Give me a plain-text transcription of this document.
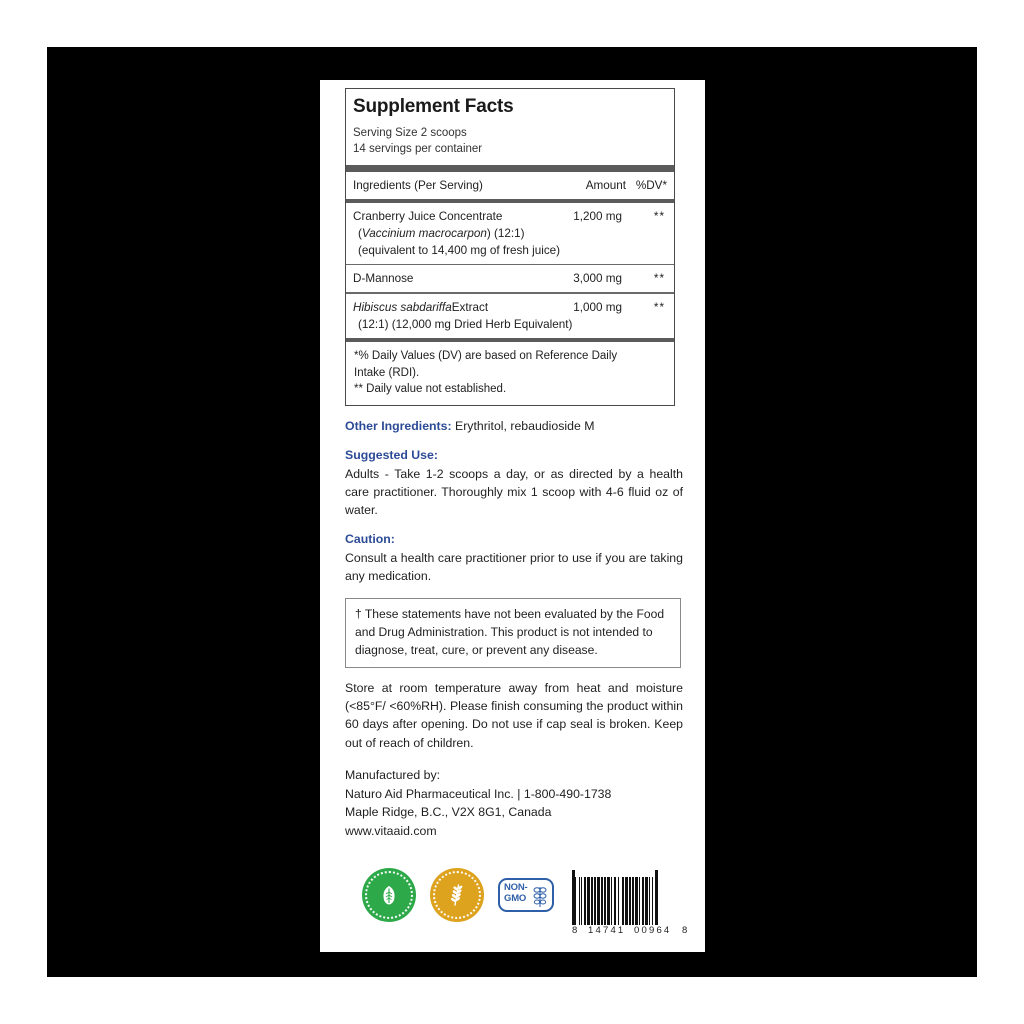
Supplement Facts
Serving Size 2 scoops
14 servings per container
Ingredients (Per Serving)	Amount %DV*
Cranberry Juice Concentrate	1,200 mg	**
(Vaccinium macrocarpon) (12:1)
(equivalent to 14,400 mg of fresh juice)
D-Mannose	3,000 mg	**
Hibiscus sabdariffaExtract	1,000 mg	**
(12:1) (12,000 mg Dried Herb Equivalent)
*% Daily Values (DV) are based on Reference Daily
Intake (RDI).
** Daily value not established.
Other Ingredients: Erythritol, rebaudioside M
Suggested Use:
Adults - Take 1-2 scoops a day, or as directed by a health care practitioner. Thoroughly mix 1 scoop with 4-6 fluid oz of water.
Caution:
Consult a health care practitioner prior to use if you are taking any medication.
† These statements have not been evaluated by the Food and Drug Administration. This product is not intended to diagnose, treat, cure, or prevent any disease.
Store at room temperature away from heat and moisture (<85°F/ <60%RH). Please finish consuming the product within 60 days after opening. Do not use if cap seal is broken. Keep out of reach of children.
Manufactured by:
Naturo Aid Pharmaceutical Inc. | 1-800-490-1738
Maple Ridge, B.C., V2X 8G1, Canada
www.vitaaid.com
NON-
GMO
8 14741 00964 8
